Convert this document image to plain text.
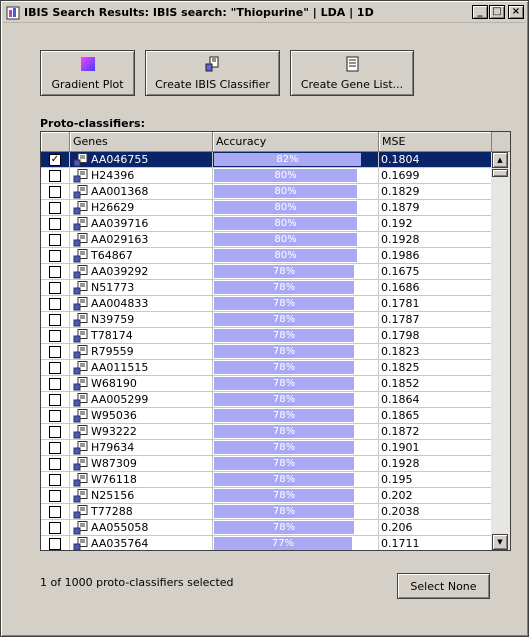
IBIS Search Results: IBIS search: "Thiopurine" | LDA | 1D	_ □	×
Gradient Plot	Create IBIS Classifier	Create Gene List...
Proto-classifiers:
Genes	Accuracy	MSE
✓	AA046755	82%	0.1804
H24396	80%	0.1699
AA001368	80%	0.1829
H26629	80%	0.1879
AA039716	80%	0.192
AA029163	80%	0.1928
T64867	80%	0.1986
AA039292	78%	0.1675
N51773	78%	0.1686
AA004833	78%	0.1781
N39759	78%	0.1787
T78174	78%	0.1798
R79559	78%	0.1823
AA011515	78%	0.1825
W68190	78%	0.1852
AA005299	78%	0.1864
W95036	78%	0.1865
W93222	78%	0.1872
H79634	78%	0.1901
W87309	78%	0.1928
W76118	78%	0.195
N25156	78%	0.202
T77288	78%	0.2038
AA055058	78%	0.206
AA035764	77%	0.1711
▲
▼
1 of 1000 proto-classifiers selected	Select None
